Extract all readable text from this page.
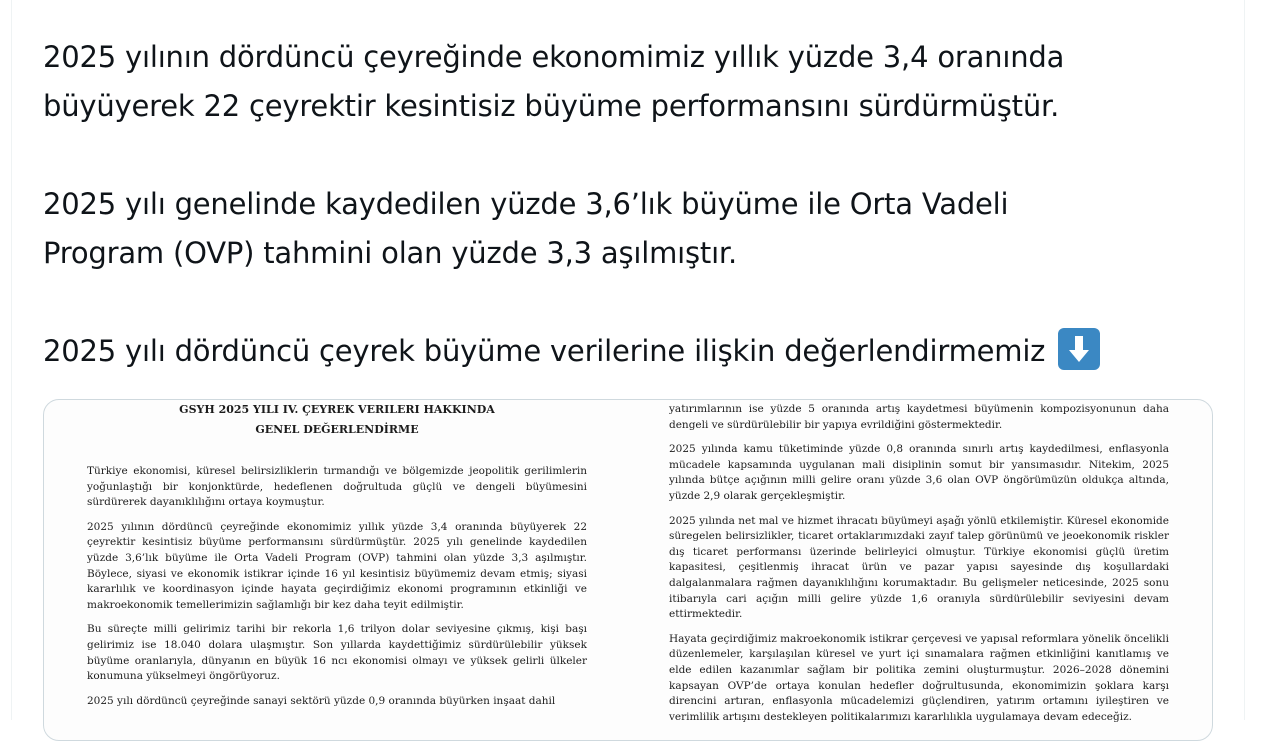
2025 yılının dördüncü çeyreğinde ekonomimiz yıllık yüzde 3,4 oranında

büyüyerek 22 çeyrektir kesintisiz büyüme performansını sürdürmüştür.

2025 yılı genelinde kaydedilen yüzde 3,6’lık büyüme ile Orta Vadeli

Program (OVP) tahmini olan yüzde 3,3 aşılmıştır.

2025 yılı dördüncü çeyrek büyüme verilerine ilişkin değerlendirmemiz

GSYH 2025 YILI IV. ÇEYREK VERILERI HAKKINDA

GENEL DEĞERLENDİRME

Türkiye ekonomisi, küresel belirsizliklerin tırmandığı ve bölgemizde jeopolitik gerilimlerin yoğunlaştığı bir konjonktürde, hedeflenen doğrultuda güçlü ve dengeli büyümesini sürdürerek dayanıklılığını ortaya koymuştur.

2025 yılının dördüncü çeyreğinde ekonomimiz yıllık yüzde 3,4 oranında büyüyerek 22 çeyrektir kesintisiz büyüme performansını sürdürmüştür. 2025 yılı genelinde kaydedilen yüzde 3,6’lık büyüme ile Orta Vadeli Program (OVP) tahmini olan yüzde 3,3 aşılmıştır. Böylece, siyasi ve ekonomik istikrar içinde 16 yıl kesintisiz büyümemiz devam etmiş; siyasi kararlılık ve koordinasyon içinde hayata geçirdiğimiz ekonomi programının etkinliği ve makroekonomik temellerimizin sağlamlığı bir kez daha teyit edilmiştir.

Bu süreçte milli gelirimiz tarihi bir rekorla 1,6 trilyon dolar seviyesine çıkmış, kişi başı gelirimiz ise 18.040 dolara ulaşmıştır. Son yıllarda kaydettiğimiz sürdürülebilir yüksek büyüme oranlarıyla, dünyanın en büyük 16 ncı ekonomisi olmayı ve yüksek gelirli ülkeler konumuna yükselmeyi öngörüyoruz.

2025 yılı dördüncü çeyreğinde sanayi sektörü yüzde 0,9 oranında büyürken inşaat dahil

yatırımlarının ise yüzde 5 oranında artış kaydetmesi büyümenin kompozisyonunun daha dengeli ve sürdürülebilir bir yapıya evrildiğini göstermektedir.

2025 yılında kamu tüketiminde yüzde 0,8 oranında sınırlı artış kaydedilmesi, enflasyonla mücadele kapsamında uygulanan mali disiplinin somut bir yansımasıdır. Nitekim, 2025 yılında bütçe açığının milli gelire oranı yüzde 3,6 olan OVP öngörümüzün oldukça altında, yüzde 2,9 olarak gerçekleşmiştir.

2025 yılında net mal ve hizmet ihracatı büyümeyi aşağı yönlü etkilemiştir. Küresel ekonomide süregelen belirsizlikler, ticaret ortaklarımızdaki zayıf talep görünümü ve jeoekonomik riskler dış ticaret performansı üzerinde belirleyici olmuştur. Türkiye ekonomisi güçlü üretim kapasitesi, çeşitlenmiş ihracat ürün ve pazar yapısı sayesinde dış koşullardaki dalgalanmalara rağmen dayanıklılığını korumaktadır. Bu gelişmeler neticesinde, 2025 sonu itibarıyla cari açığın milli gelire yüzde 1,6 oranıyla sürdürülebilir seviyesini devam ettirmektedir.

Hayata geçirdiğimiz makroekonomik istikrar çerçevesi ve yapısal reformlara yönelik öncelikli düzenlemeler, karşılaşılan küresel ve yurt içi sınamalara rağmen etkinliğini kanıtlamış ve elde edilen kazanımlar sağlam bir politika zemini oluşturmuştur. 2026–2028 dönemini kapsayan OVP’de ortaya konulan hedefler doğrultusunda, ekonomimizin şoklara karşı direncini artıran, enflasyonla mücadelemizi güçlendiren, yatırım ortamını iyileştiren ve verimlilik artışını destekleyen politikalarımızı kararlılıkla uygulamaya devam edeceğiz.
